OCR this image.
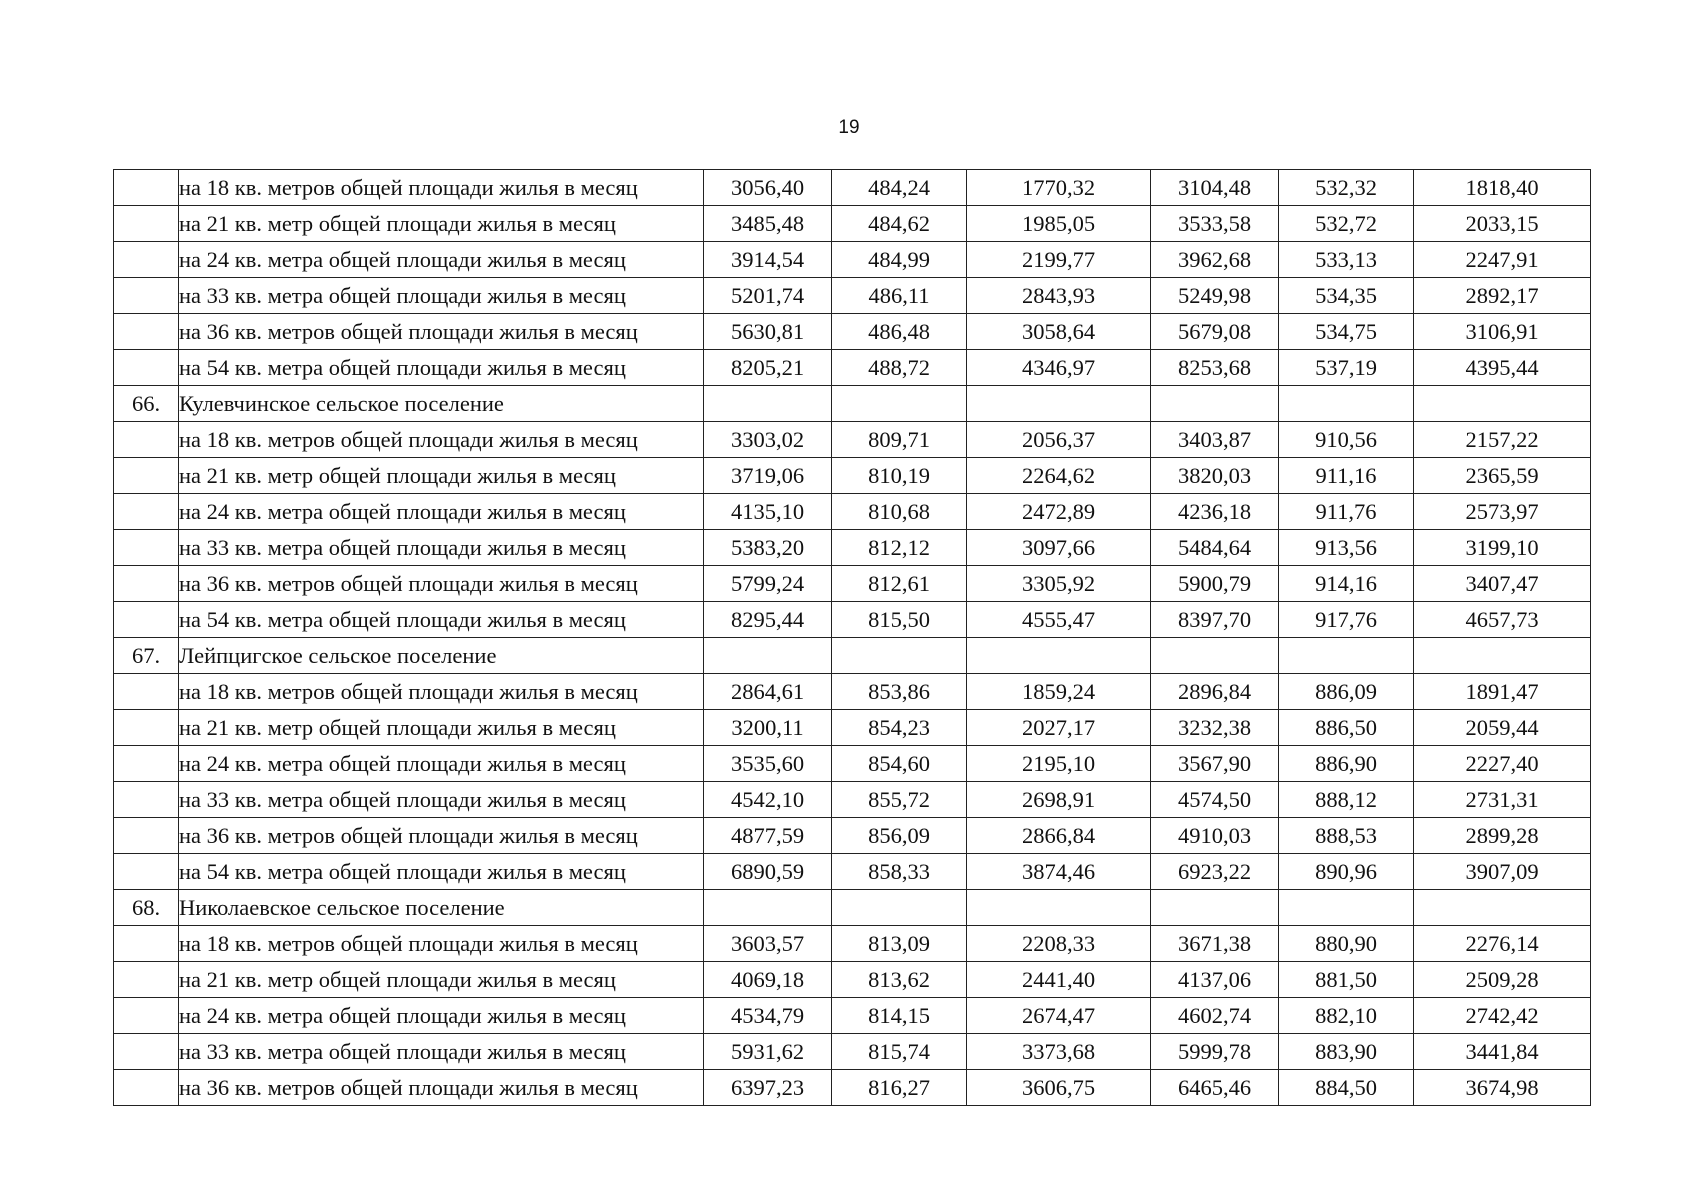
19
	на 18 кв. метров общей площади жилья в месяц	3056,40	484,24	1770,32	3104,48	532,32	1818,40
	на 21 кв. метр общей площади жилья в месяц	3485,48	484,62	1985,05	3533,58	532,72	2033,15
	на 24 кв. метра общей площади жилья в месяц	3914,54	484,99	2199,77	3962,68	533,13	2247,91
	на 33 кв. метра общей площади жилья в месяц	5201,74	486,11	2843,93	5249,98	534,35	2892,17
	на 36 кв. метров общей площади жилья в месяц	5630,81	486,48	3058,64	5679,08	534,75	3106,91
	на 54 кв. метра общей площади жилья в месяц	8205,21	488,72	4346,97	8253,68	537,19	4395,44
66.	Кулевчинское сельское поселение						
	на 18 кв. метров общей площади жилья в месяц	3303,02	809,71	2056,37	3403,87	910,56	2157,22
	на 21 кв. метр общей площади жилья в месяц	3719,06	810,19	2264,62	3820,03	911,16	2365,59
	на 24 кв. метра общей площади жилья в месяц	4135,10	810,68	2472,89	4236,18	911,76	2573,97
	на 33 кв. метра общей площади жилья в месяц	5383,20	812,12	3097,66	5484,64	913,56	3199,10
	на 36 кв. метров общей площади жилья в месяц	5799,24	812,61	3305,92	5900,79	914,16	3407,47
	на 54 кв. метра общей площади жилья в месяц	8295,44	815,50	4555,47	8397,70	917,76	4657,73
67.	Лейпцигское сельское поселение						
	на 18 кв. метров общей площади жилья в месяц	2864,61	853,86	1859,24	2896,84	886,09	1891,47
	на 21 кв. метр общей площади жилья в месяц	3200,11	854,23	2027,17	3232,38	886,50	2059,44
	на 24 кв. метра общей площади жилья в месяц	3535,60	854,60	2195,10	3567,90	886,90	2227,40
	на 33 кв. метра общей площади жилья в месяц	4542,10	855,72	2698,91	4574,50	888,12	2731,31
	на 36 кв. метров общей площади жилья в месяц	4877,59	856,09	2866,84	4910,03	888,53	2899,28
	на 54 кв. метра общей площади жилья в месяц	6890,59	858,33	3874,46	6923,22	890,96	3907,09
68.	Николаевское сельское поселение						
	на 18 кв. метров общей площади жилья в месяц	3603,57	813,09	2208,33	3671,38	880,90	2276,14
	на 21 кв. метр общей площади жилья в месяц	4069,18	813,62	2441,40	4137,06	881,50	2509,28
	на 24 кв. метра общей площади жилья в месяц	4534,79	814,15	2674,47	4602,74	882,10	2742,42
	на 33 кв. метра общей площади жилья в месяц	5931,62	815,74	3373,68	5999,78	883,90	3441,84
	на 36 кв. метров общей площади жилья в месяц	6397,23	816,27	3606,75	6465,46	884,50	3674,98
